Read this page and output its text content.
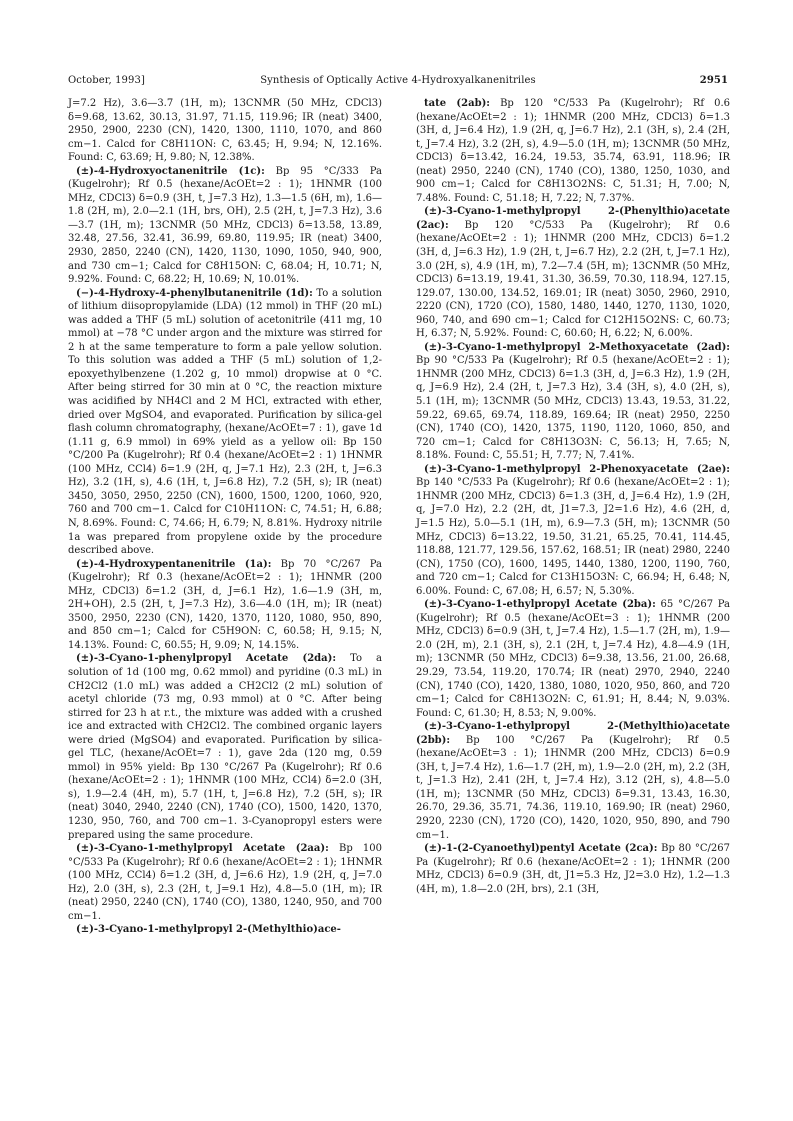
October, 1993]	Synthesis of Optically Active 4-Hydroxyalkanenitriles	2951

J=7.2 Hz), 3.6—3.7 (1H, m); 13CNMR (50 MHz, CDCl3) δ=9.68, 13.62, 30.13, 31.97, 71.15, 119.96; IR (neat) 3400, 2950, 2900, 2230 (CN), 1420, 1300, 1110, 1070, and 860 cm−1. Calcd for C8H11ON: C, 63.45; H, 9.94; N, 12.16%. Found: C, 63.69; H, 9.80; N, 12.38%.

(±)-4-Hydroxyoctanenitrile (1c): Bp 95 °C/333 Pa (Kugelrohr); Rf 0.5 (hexane/AcOEt=2 : 1); 1HNMR (100 MHz, CDCl3) δ=0.9 (3H, t, J=7.3 Hz), 1.3—1.5 (6H, m), 1.6—1.8 (2H, m), 2.0—2.1 (1H, brs, OH), 2.5 (2H, t, J=7.3 Hz), 3.6—3.7 (1H, m); 13CNMR (50 MHz, CDCl3) δ=13.58, 13.89, 32.48, 27.56, 32.41, 36.99, 69.80, 119.95; IR (neat) 3400, 2930, 2850, 2240 (CN), 1420, 1130, 1090, 1050, 940, 900, and 730 cm−1; Calcd for C8H15ON: C, 68.04; H, 10.71; N, 9.92%. Found: C, 68.22; H, 10.69; N, 10.01%.

(−)-4-Hydroxy-4-phenylbutanenitrile (1d): To a solution of lithium diisopropylamide (LDA) (12 mmol) in THF (20 mL) was added a THF (5 mL) solution of acetonitrile (411 mg, 10 mmol) at −78 °C under argon and the mixture was stirred for 2 h at the same temperature to form a pale yellow solution. To this solution was added a THF (5 mL) solution of 1,2-epoxyethylbenzene (1.202 g, 10 mmol) dropwise at 0 °C. After being stirred for 30 min at 0 °C, the reaction mixture was acidified by NH4Cl and 2 M HCl, extracted with ether, dried over MgSO4, and evaporated. Purification by silica-gel flash column chromatography, (hexane/AcOEt=7 : 1), gave 1d (1.11 g, 6.9 mmol) in 69% yield as a yellow oil: Bp 150 °C/200 Pa (Kugelrohr); Rf 0.4 (hexane/AcOEt=2 : 1) 1HNMR (100 MHz, CCl4) δ=1.9 (2H, q, J=7.1 Hz), 2.3 (2H, t, J=6.3 Hz), 3.2 (1H, s), 4.6 (1H, t, J=6.8 Hz), 7.2 (5H, s); IR (neat) 3450, 3050, 2950, 2250 (CN), 1600, 1500, 1200, 1060, 920, 760 and 700 cm−1. Calcd for C10H11ON: C, 74.51; H, 6.88; N, 8.69%. Found: C, 74.66; H, 6.79; N, 8.81%. Hydroxy nitrile 1a was prepared from propylene oxide by the procedure described above.

(±)-4-Hydroxypentanenitrile (1a): Bp 70 °C/267 Pa (Kugelrohr); Rf 0.3 (hexane/AcOEt=2 : 1); 1HNMR (200 MHz, CDCl3) δ=1.2 (3H, d, J=6.1 Hz), 1.6—1.9 (3H, m, 2H+OH), 2.5 (2H, t, J=7.3 Hz), 3.6—4.0 (1H, m); IR (neat) 3500, 2950, 2230 (CN), 1420, 1370, 1120, 1080, 950, 890, and 850 cm−1; Calcd for C5H9ON: C, 60.58; H, 9.15; N, 14.13%. Found: C, 60.55; H, 9.09; N, 14.15%.

(±)-3-Cyano-1-phenylpropyl Acetate (2da): To a solution of 1d (100 mg, 0.62 mmol) and pyridine (0.3 mL) in CH2Cl2 (1.0 mL) was added a CH2Cl2 (2 mL) solution of acetyl chloride (73 mg, 0.93 mmol) at 0 °C. After being stirred for 23 h at r.t., the mixture was added with a crushed ice and extracted with CH2Cl2. The combined organic layers were dried (MgSO4) and evaporated. Purification by silica-gel TLC, (hexane/AcOEt=7 : 1), gave 2da (120 mg, 0.59 mmol) in 95% yield: Bp 130 °C/267 Pa (Kugelrohr); Rf 0.6 (hexane/AcOEt=2 : 1); 1HNMR (100 MHz, CCl4) δ=2.0 (3H, s), 1.9—2.4 (4H, m), 5.7 (1H, t, J=6.8 Hz), 7.2 (5H, s); IR (neat) 3040, 2940, 2240 (CN), 1740 (CO), 1500, 1420, 1370, 1230, 950, 760, and 700 cm−1. 3-Cyanopropyl esters were prepared using the same procedure.

(±)-3-Cyano-1-methylpropyl Acetate (2aa): Bp 100 °C/533 Pa (Kugelrohr); Rf 0.6 (hexane/AcOEt=2 : 1); 1HNMR (100 MHz, CCl4) δ=1.2 (3H, d, J=6.6 Hz), 1.9 (2H, q, J=7.0 Hz), 2.0 (3H, s), 2.3 (2H, t, J=9.1 Hz), 4.8—5.0 (1H, m); IR (neat) 2950, 2240 (CN), 1740 (CO), 1380, 1240, 950, and 700 cm−1.

(±)-3-Cyano-1-methylpropyl 2-(Methylthio)ace-

tate (2ab): Bp 120 °C/533 Pa (Kugelrohr); Rf 0.6 (hexane/AcOEt=2 : 1); 1HNMR (200 MHz, CDCl3) δ=1.3 (3H, d, J=6.4 Hz), 1.9 (2H, q, J=6.7 Hz), 2.1 (3H, s), 2.4 (2H, t, J=7.4 Hz), 3.2 (2H, s), 4.9—5.0 (1H, m); 13CNMR (50 MHz, CDCl3) δ=13.42, 16.24, 19.53, 35.74, 63.91, 118.96; IR (neat) 2950, 2240 (CN), 1740 (CO), 1380, 1250, 1030, and 900 cm−1; Calcd for C8H13O2NS: C, 51.31; H, 7.00; N, 7.48%. Found: C, 51.18; H, 7.22; N, 7.37%.

(±)-3-Cyano-1-methylpropyl 2-(Phenylthio)acetate (2ac): Bp 120 °C/533 Pa (Kugelrohr); Rf 0.6 (hexane/AcOEt=2 : 1); 1HNMR (200 MHz, CDCl3) δ=1.2 (3H, d, J=6.3 Hz), 1.9 (2H, t, J=6.7 Hz), 2.2 (2H, t, J=7.1 Hz), 3.0 (2H, s), 4.9 (1H, m), 7.2—7.4 (5H, m); 13CNMR (50 MHz, CDCl3) δ=13.19, 19.41, 31.30, 36.59, 70.30, 118.94, 127.15, 129.07, 130.00, 134.52, 169.01; IR (neat) 3050, 2960, 2910, 2220 (CN), 1720 (CO), 1580, 1480, 1440, 1270, 1130, 1020, 960, 740, and 690 cm−1; Calcd for C12H15O2NS: C, 60.73; H, 6.37; N, 5.92%. Found: C, 60.60; H, 6.22; N, 6.00%.

(±)-3-Cyano-1-methylpropyl 2-Methoxyacetate (2ad): Bp 90 °C/533 Pa (Kugelrohr); Rf 0.5 (hexane/AcOEt=2 : 1); 1HNMR (200 MHz, CDCl3) δ=1.3 (3H, d, J=6.3 Hz), 1.9 (2H, q, J=6.9 Hz), 2.4 (2H, t, J=7.3 Hz), 3.4 (3H, s), 4.0 (2H, s), 5.1 (1H, m); 13CNMR (50 MHz, CDCl3) 13.43, 19.53, 31.22, 59.22, 69.65, 69.74, 118.89, 169.64; IR (neat) 2950, 2250 (CN), 1740 (CO), 1420, 1375, 1190, 1120, 1060, 850, and 720 cm−1; Calcd for C8H13O3N: C, 56.13; H, 7.65; N, 8.18%. Found: C, 55.51; H, 7.77; N, 7.41%.

(±)-3-Cyano-1-methylpropyl 2-Phenoxyacetate (2ae): Bp 140 °C/533 Pa (Kugelrohr); Rf 0.6 (hexane/AcOEt=2 : 1); 1HNMR (200 MHz, CDCl3) δ=1.3 (3H, d, J=6.4 Hz), 1.9 (2H, q, J=7.0 Hz), 2.2 (2H, dt, J1=7.3, J2=1.6 Hz), 4.6 (2H, d, J=1.5 Hz), 5.0—5.1 (1H, m), 6.9—7.3 (5H, m); 13CNMR (50 MHz, CDCl3) δ=13.22, 19.50, 31.21, 65.25, 70.41, 114.45, 118.88, 121.77, 129.56, 157.62, 168.51; IR (neat) 2980, 2240 (CN), 1750 (CO), 1600, 1495, 1440, 1380, 1200, 1190, 760, and 720 cm−1; Calcd for C13H15O3N: C, 66.94; H, 6.48; N, 6.00%. Found: C, 67.08; H, 6.57; N, 5.30%.

(±)-3-Cyano-1-ethylpropyl Acetate (2ba): 65 °C/267 Pa (Kugelrohr); Rf 0.5 (hexane/AcOEt=3 : 1); 1HNMR (200 MHz, CDCl3) δ=0.9 (3H, t, J=7.4 Hz), 1.5—1.7 (2H, m), 1.9—2.0 (2H, m), 2.1 (3H, s), 2.1 (2H, t, J=7.4 Hz), 4.8—4.9 (1H, m); 13CNMR (50 MHz, CDCl3) δ=9.38, 13.56, 21.00, 26.68, 29.29, 73.54, 119.20, 170.74; IR (neat) 2970, 2940, 2240 (CN), 1740 (CO), 1420, 1380, 1080, 1020, 950, 860, and 720 cm−1; Calcd for C8H13O2N: C, 61.91; H, 8.44; N, 9.03%. Found: C, 61.30; H, 8.53; N, 9.00%.

(±)-3-Cyano-1-ethylpropyl 2-(Methylthio)acetate (2bb): Bp 100 °C/267 Pa (Kugelrohr); Rf 0.5 (hexane/AcOEt=3 : 1); 1HNMR (200 MHz, CDCl3) δ=0.9 (3H, t, J=7.4 Hz), 1.6—1.7 (2H, m), 1.9—2.0 (2H, m), 2.2 (3H, t, J=1.3 Hz), 2.41 (2H, t, J=7.4 Hz), 3.12 (2H, s), 4.8—5.0 (1H, m); 13CNMR (50 MHz, CDCl3) δ=9.31, 13.43, 16.30, 26.70, 29.36, 35.71, 74.36, 119.10, 169.90; IR (neat) 2960, 2920, 2230 (CN), 1720 (CO), 1420, 1020, 950, 890, and 790 cm−1.

(±)-1-(2-Cyanoethyl)pentyl Acetate (2ca): Bp 80 °C/267 Pa (Kugelrohr); Rf 0.6 (hexane/AcOEt=2 : 1); 1HNMR (200 MHz, CDCl3) δ=0.9 (3H, dt, J1=5.3 Hz, J2=3.0 Hz), 1.2—1.3 (4H, m), 1.8—2.0 (2H, brs), 2.1 (3H,
